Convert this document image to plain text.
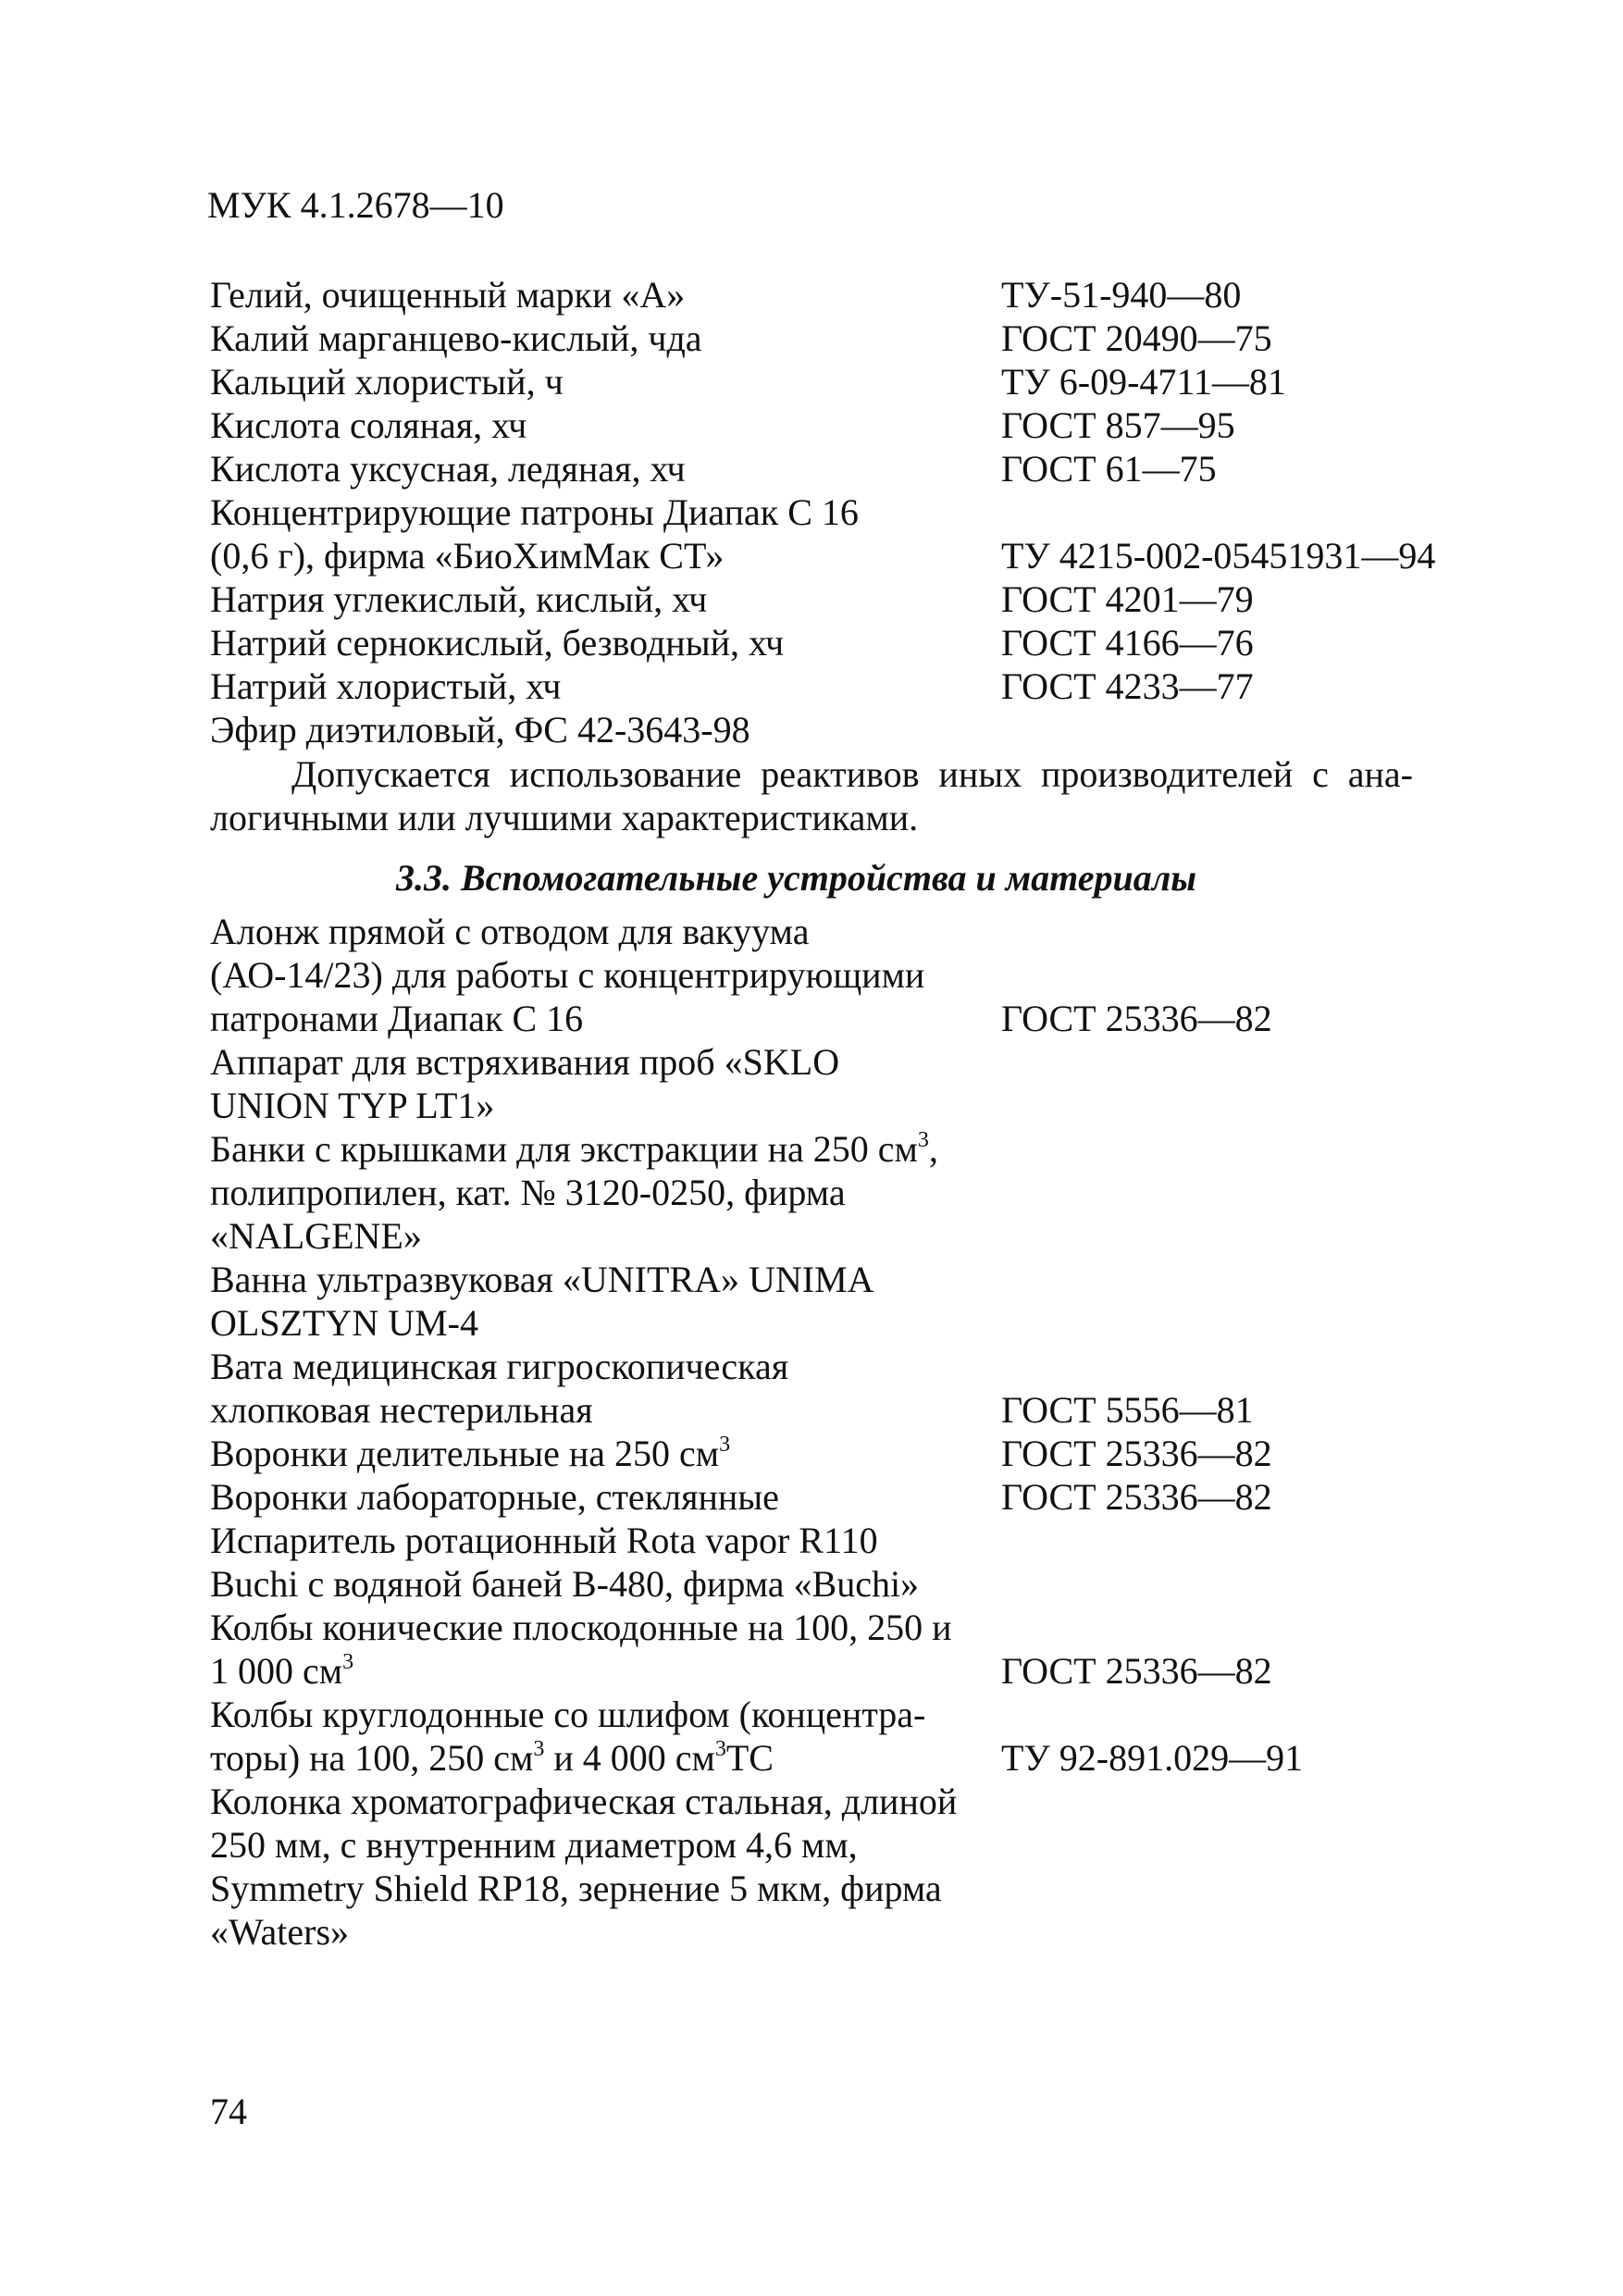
МУК 4.1.2678—10
Гелий, очищенный марки «А»	ТУ-51-940—80
Калий марганцево-кислый, чда	ГОСТ 20490—75
Кальций хлористый, ч	ТУ 6-09-4711—81
Кислота соляная, хч	ГОСТ 857—95
Кислота уксусная, ледяная, хч	ГОСТ 61—75
Концентрирующие патроны Диапак С 16
(0,6 г), фирма «БиоХимМак СТ»	ТУ 4215-002-05451931—94
Натрия углекислый, кислый, хч	ГОСТ 4201—79
Натрий сернокислый, безводный, хч	ГОСТ 4166—76
Натрий хлористый, хч	ГОСТ 4233—77
Эфир диэтиловый, ФС 42-3643-98
Допускается использование реактивов иных производителей с ана-
логичными или лучшими характеристиками.
3.3. Вспомогательные устройства и материалы
Алонж прямой с отводом для вакуума
(АО-14/23) для работы с концентрирующими
патронами Диапак С 16	ГОСТ 25336—82
Аппарат для встряхивания проб «SKLO
UNION TYP LT1»
Банки с крышками для экстракции на 250 $см^3$,
полипропилен, кат. № 3120-0250, фирма
«NALGENE»
Ванна ультразвуковая «UNITRA» UNIMA
OLSZTYN UM-4
Вата медицинская гигроскопическая
хлопковая нестерильная	ГОСТ 5556—81
Воронки делительные на 250 $см^3$	ГОСТ 25336—82
Воронки лабораторные, стеклянные	ГОСТ 25336—82
Испаритель ротационный Rota vapor R110
Buchi с водяной баней В-480, фирма «Buchi»
Колбы конические плоскодонные на 100, 250 и
1 000 $см^3$	ГОСТ 25336—82
Колбы круглодонные со шлифом (концентра-
торы) на 100, 250 $см^3$ и 4 000 $см^3ТС$	ТУ 92-891.029—91
Колонка хроматографическая стальная, длиной
250 мм, с внутренним диаметром 4,6 мм,
Symmetry Shield RP18, зернение 5 мкм, фирма
«Waters»
74
